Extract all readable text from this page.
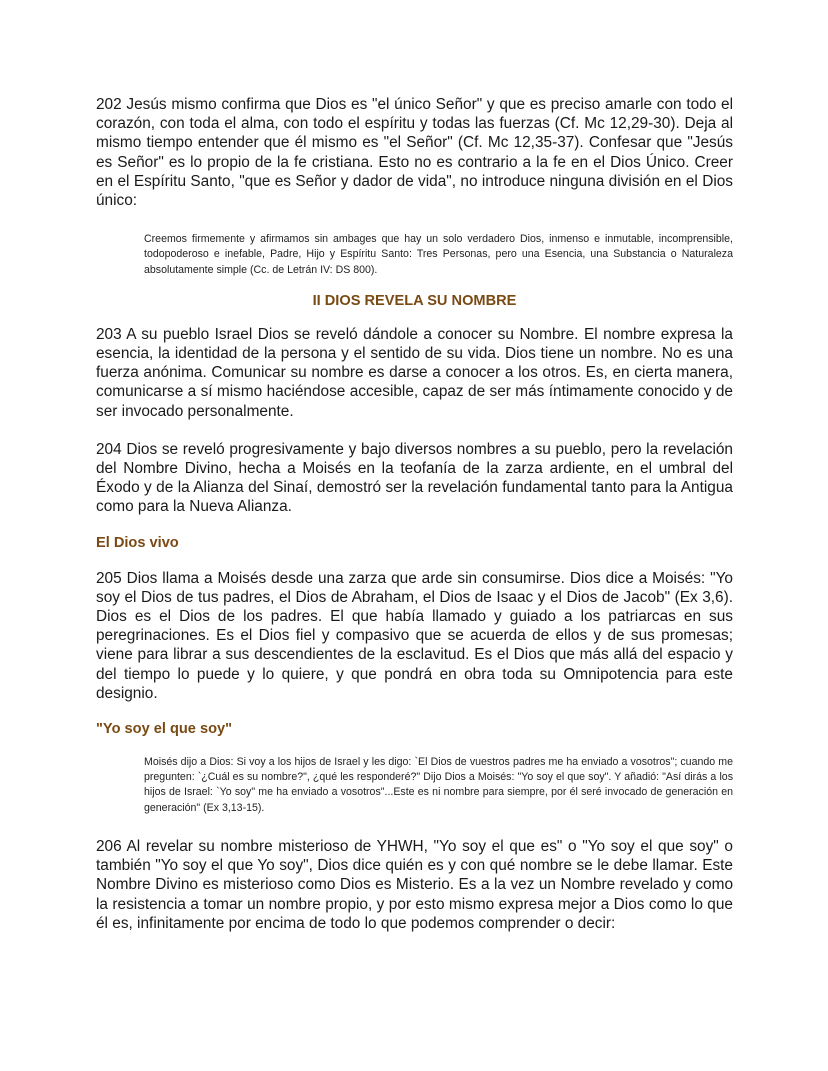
202 Jesús mismo confirma que Dios es "el único Señor" y que es preciso amarle con todo el corazón, con toda el alma, con todo el espíritu y todas las fuerzas (Cf. Mc 12,29-30). Deja al mismo tiempo entender que él mismo es "el Señor" (Cf. Mc 12,35-37). Confesar que "Jesús es Señor" es lo propio de la fe cristiana. Esto no es contrario a la fe en el Dios Único. Creer en el Espíritu Santo, "que es Señor y dador de vida", no introduce ninguna división en el Dios único:

Creemos firmemente y afirmamos sin ambages que hay un solo verdadero Dios, inmenso e inmutable, incomprensible, todopoderoso e inefable, Padre, Hijo y Espíritu Santo: Tres Personas, pero una Esencia, una Substancia o Naturaleza absolutamente simple (Cc. de Letrán IV: DS 800).

II DIOS REVELA SU NOMBRE

203 A su pueblo Israel Dios se reveló dándole a conocer su Nombre. El nombre expresa la esencia, la identidad de la persona y el sentido de su vida. Dios tiene un nombre. No es una fuerza anónima. Comunicar su nombre es darse a conocer a los otros. Es, en cierta manera, comunicarse a sí mismo haciéndose accesible, capaz de ser más íntimamente conocido y de ser invocado personalmente.

204 Dios se reveló progresivamente y bajo diversos nombres a su pueblo, pero la revelación del Nombre Divino, hecha a Moisés en la teofanía de la zarza ardiente, en el umbral del Éxodo y de la Alianza del Sinaí, demostró ser la revelación fundamental tanto para la Antigua como para la Nueva Alianza.

El Dios vivo

205 Dios llama a Moisés desde una zarza que arde sin consumirse. Dios dice a Moisés: "Yo soy el Dios de tus padres, el Dios de Abraham, el Dios de Isaac y el Dios de Jacob" (Ex 3,6). Dios es el Dios de los padres. El que había llamado y guiado a los patriarcas en sus peregrinaciones. Es el Dios fiel y compasivo que se acuerda de ellos y de sus promesas; viene para librar a sus descendientes de la esclavitud. Es el Dios que más allá del espacio y del tiempo lo puede y lo quiere, y que pondrá en obra toda su Omnipotencia para este designio.

"Yo soy el que soy"

Moisés dijo a Dios: Si voy a los hijos de Israel y les digo: `El Dios de vuestros padres me ha enviado a vosotros"; cuando me pregunten: `¿Cuál es su nombre?", ¿qué les responderé?" Dijo Dios a Moisés: "Yo soy el que soy". Y añadió: "Así dirás a los hijos de Israel: `Yo soy" me ha enviado a vosotros"...Este es ni nombre para siempre, por él seré invocado de generación en generación" (Ex 3,13-15).

206 Al revelar su nombre misterioso de YHWH, "Yo soy el que es" o "Yo soy el que soy" o también "Yo soy el que Yo soy", Dios dice quién es y con qué nombre se le debe llamar. Este Nombre Divino es misterioso como Dios es Misterio. Es a la vez un Nombre revelado y como la resistencia a tomar un nombre propio, y por esto mismo expresa mejor a Dios como lo que él es, infinitamente por encima de todo lo que podemos comprender o decir:
